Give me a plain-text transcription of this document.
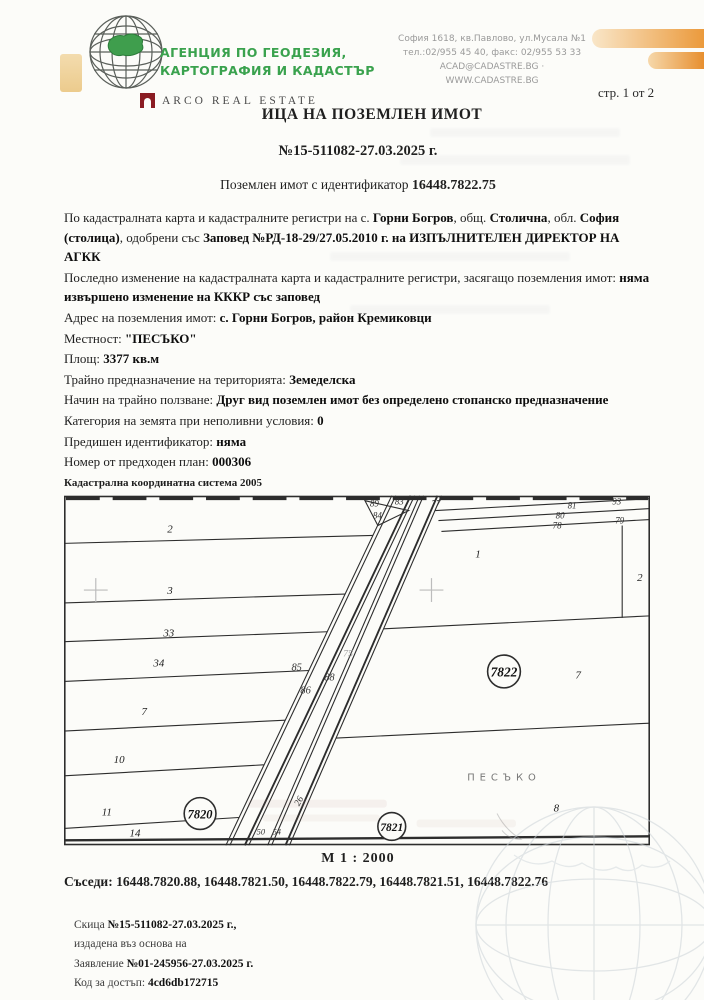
АГЕНЦИЯ ПО ГЕОДЕЗИЯ,
КАРТОГРАФИЯ И КАДАСТЪР
София 1618, кв.Павлово, ул.Мусала №1
тел.:02/955 45 40, факс: 02/955 53 33
ACAD@CADASTRE.BG · WWW.CADASTRE.BG
стр. 1 от 2
ARCO REAL ESTATE
ИЦА НА ПОЗЕМЛЕН ИМОТ
№15-511082-27.03.2025 г.
Поземлен имот с идентификатор 16448.7822.75

По кадастралната карта и кадастралните регистри на с. Горни Богров, общ. Столична, обл. София (столица), одобрени със Заповед №РД-18-29/27.05.2010 г. на ИЗПЪЛНИТЕЛЕН ДИРЕКТОР НА АГКК

Последно изменение на кадастралната карта и кадастралните регистри, засягащо поземления имот: няма извършено изменение на КККР със заповед

Адрес на поземления имот: с. Горни Богров, район Кремиковци

Местност: "ПЕСЪКО"

Площ: 3377 кв.м

Трайно предназначение на територията: Земеделска

Начин на трайно ползване: Друг вид поземлен имот без определено стопанско предназначение

Категория на земята при неполивни условия: 0

Предишен идентификатор: няма

Номер от предходен план: 000306

Кадастрална координатна система 2005
2
3
33
34
7
10
11
14
1
2
7
8
89 83
84
77	81	93
80	79
78
85
86
88
75
26
50 54
7822
7820
7821
ПЕСЪКО
М 1 : 2000
Съседи: 16448.7820.88, 16448.7821.50, 16448.7822.79, 16448.7821.51, 16448.7822.76
Скица №15-511082-27.03.2025 г.,
издадена въз основа на
Заявление №01-245956-27.03.2025 г.
Код за достъп: 4cd6db172715
